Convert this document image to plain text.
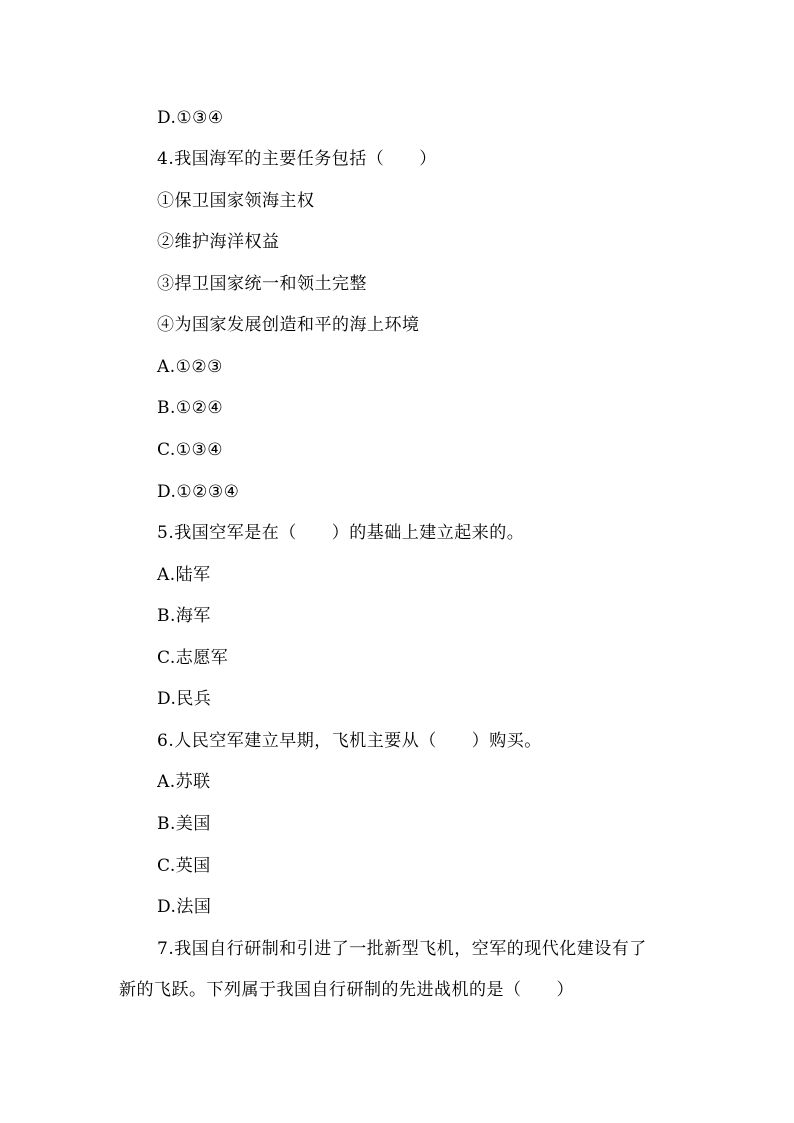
D.①③④
4.我国海军的主要任务包括（　　）
①保卫国家领海主权
②维护海洋权益
③捍卫国家统一和领土完整
④为国家发展创造和平的海上环境
A.①②③
B.①②④
C.①③④
D.①②③④
5.我国空军是在（　　）的基础上建立起来的。
A.陆军
B.海军
C.志愿军
D.民兵
6.人民空军建立早期，飞机主要从（　　）购买。
A.苏联
B.美国
C.英国
D.法国
7.我国自行研制和引进了一批新型飞机，空军的现代化建设有了
新的飞跃。下列属于我国自行研制的先进战机的是（　　）
